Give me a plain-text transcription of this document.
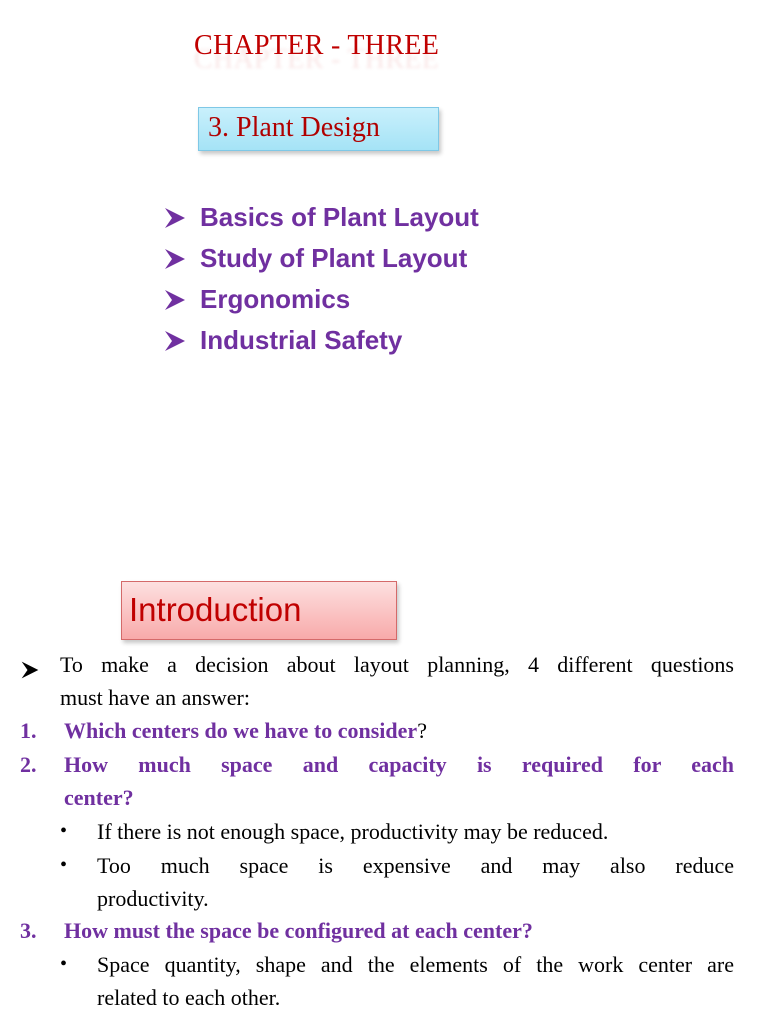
CHAPTER - THREE
3. Plant Design
Basics of Plant Layout
Study of Plant Layout
Ergonomics
Industrial Safety
Introduction
To make a decision about layout planning, 4 different questions
must have an answer:
1. Which centers do we have to consider?
2. How much space and capacity is required for each
center?
• If there is not enough space, productivity may be reduced.
• Too much space is expensive and may also reduce
productivity.
3. How must the space be configured at each center?
• Space quantity, shape and the elements of the work center are
related to each other.
